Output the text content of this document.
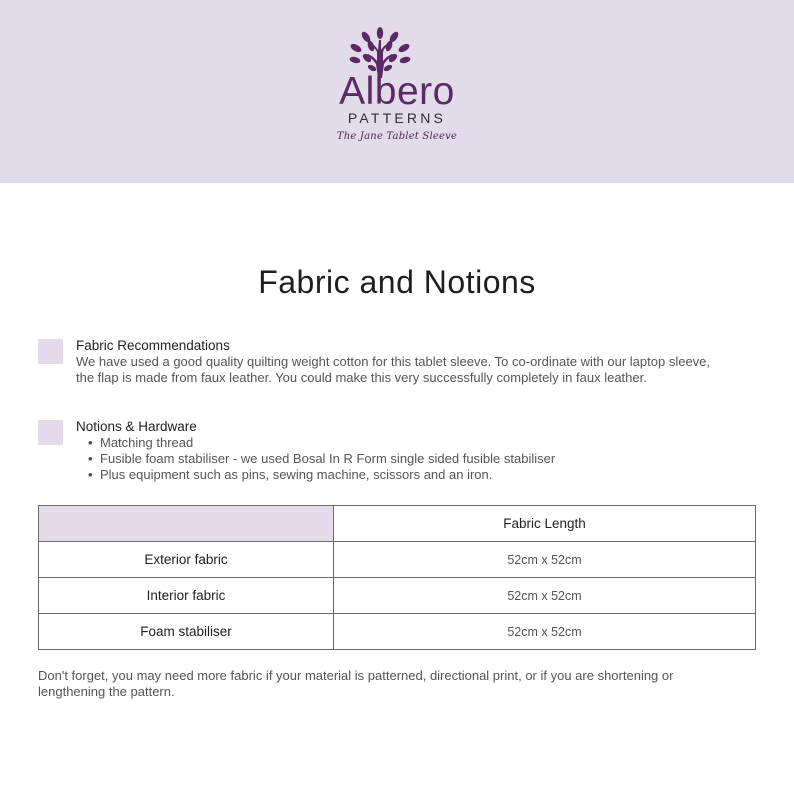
Albero
PATTERNS
The Jane Tablet Sleeve
Fabric and Notions
Fabric Recommendations
We have used a good quality quilting weight cotton for this tablet sleeve. To co-ordinate with our laptop sleeve,
the flap is made from faux leather. You could make this very successfully completely in faux leather.
Notions & Hardware
• Matching thread
• Fusible foam stabiliser - we used Bosal In R Form single sided fusible stabiliser
• Plus equipment such as pins, sewing machine, scissors and an iron.
	Fabric Length
Exterior fabric	52cm x 52cm
Interior fabric	52cm x 52cm
Foam stabiliser	52cm x 52cm
Don't forget, you may need more fabric if your material is patterned, directional print, or if you are shortening or
lengthening the pattern.
